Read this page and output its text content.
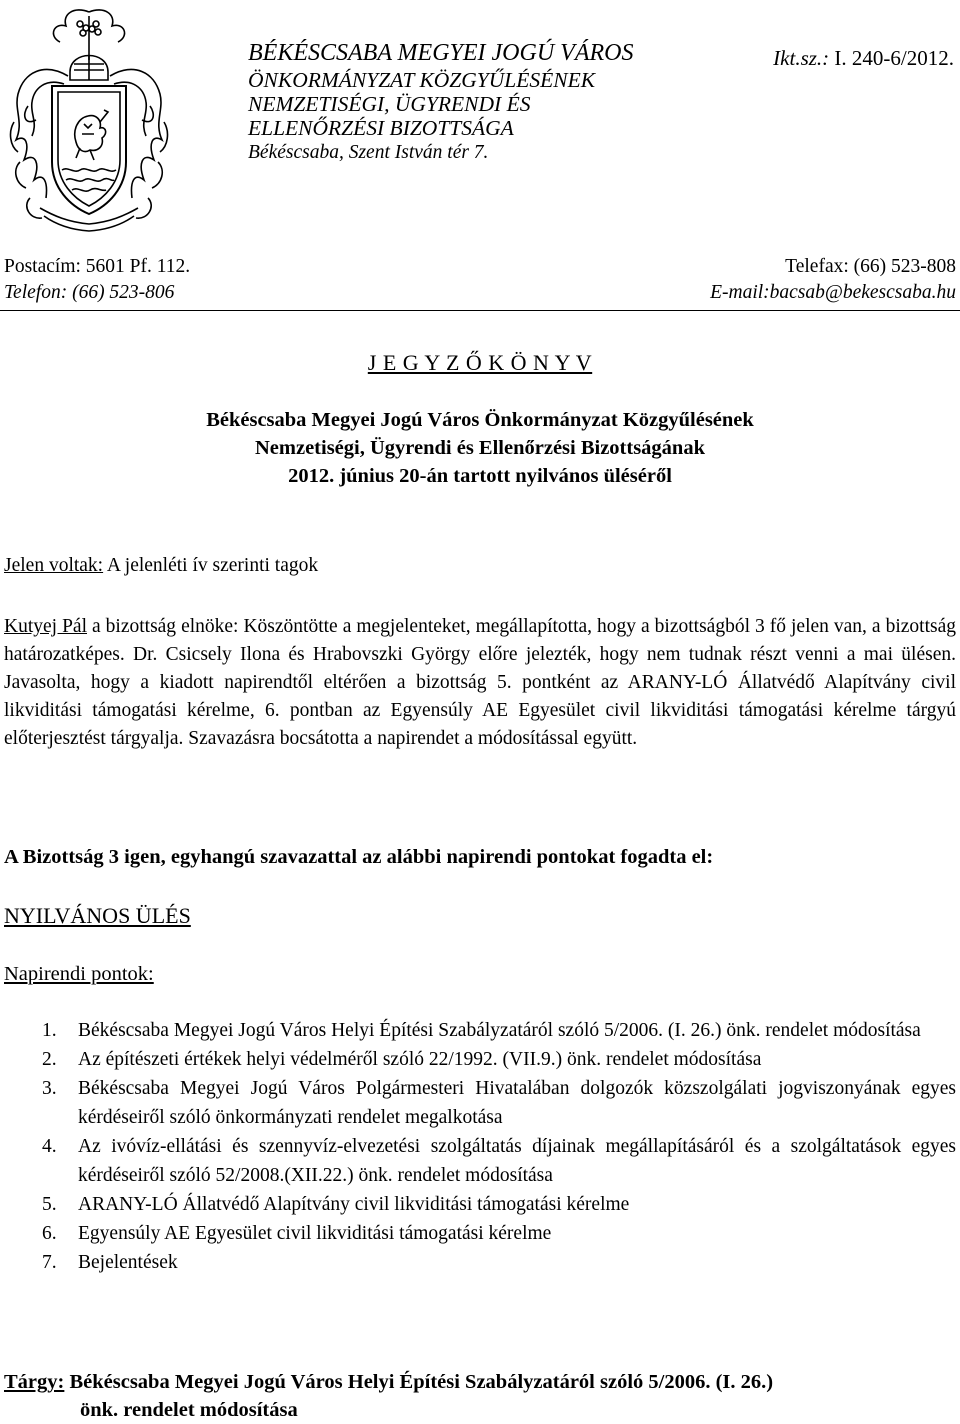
BÉKÉSCSABA MEGYEI JOGÚ VÁROS
ÖNKORMÁNYZAT KÖZGYŰLÉSÉNEK
NEMZETISÉGI, ÜGYRENDI ÉS
ELLENŐRZÉSI BIZOTTSÁGA
Békéscsaba, Szent István tér 7.
Ikt.sz.: I. 240-6/2012.
Postacím: 5601 Pf. 112.	Telefax: (66) 523-808
Telefon: (66) 523-806	E-mail:bacsab@bekescsaba.hu
J E G Y Z Ő K Ö N Y V
Békéscsaba Megyei Jogú Város Önkormányzat Közgyűlésének
Nemzetiségi, Ügyrendi és Ellenőrzési Bizottságának
2012. június 20-án tartott nyilvános üléséről
Jelen voltak: A jelenléti ív szerinti tagok
Kutyej Pál a bizottság elnöke: Köszöntötte a megjelenteket, megállapította, hogy a bizottságból 3 fő jelen van, a bizottság határozatképes. Dr. Csicsely Ilona és Hrabovszki György előre jelezték, hogy nem tudnak részt venni a mai ülésen. Javasolta, hogy a kiadott napirendtől eltérően a bizottság 5. pontként az ARANY-LÓ Állatvédő Alapítvány civil likviditási támogatási kérelme, 6. pontban az Egyensúly AE Egyesület civil likviditási támogatási kérelme tárgyú előterjesztést tárgyalja. Szavazásra bocsátotta a napirendet a módosítással együtt.
A Bizottság 3 igen, egyhangú szavazattal az alábbi napirendi pontokat fogadta el:
NYILVÁNOS ÜLÉS
Napirendi pontok:
1. Békéscsaba Megyei Jogú Város Helyi Építési Szabályzatáról szóló 5/2006. (I. 26.) önk. rendelet módosítása
2. Az építészeti értékek helyi védelméről szóló 22/1992. (VII.9.) önk. rendelet módosítása
3. Békéscsaba Megyei Jogú Város Polgármesteri Hivatalában dolgozók közszolgálati jogviszonyának egyes kérdéseiről szóló önkormányzati rendelet megalkotása
4. Az ivóvíz-ellátási és szennyvíz-elvezetési szolgáltatás díjainak megállapításáról és a szolgáltatások egyes kérdéseiről szóló 52/2008.(XII.22.) önk. rendelet módosítása
5. ARANY-LÓ Állatvédő Alapítvány civil likviditási támogatási kérelme
6. Egyensúly AE Egyesület civil likviditási támogatási kérelme
7. Bejelentések
Tárgy: Békéscsaba Megyei Jogú Város Helyi Építési Szabályzatáról szóló 5/2006. (I. 26.)
önk. rendelet módosítása
